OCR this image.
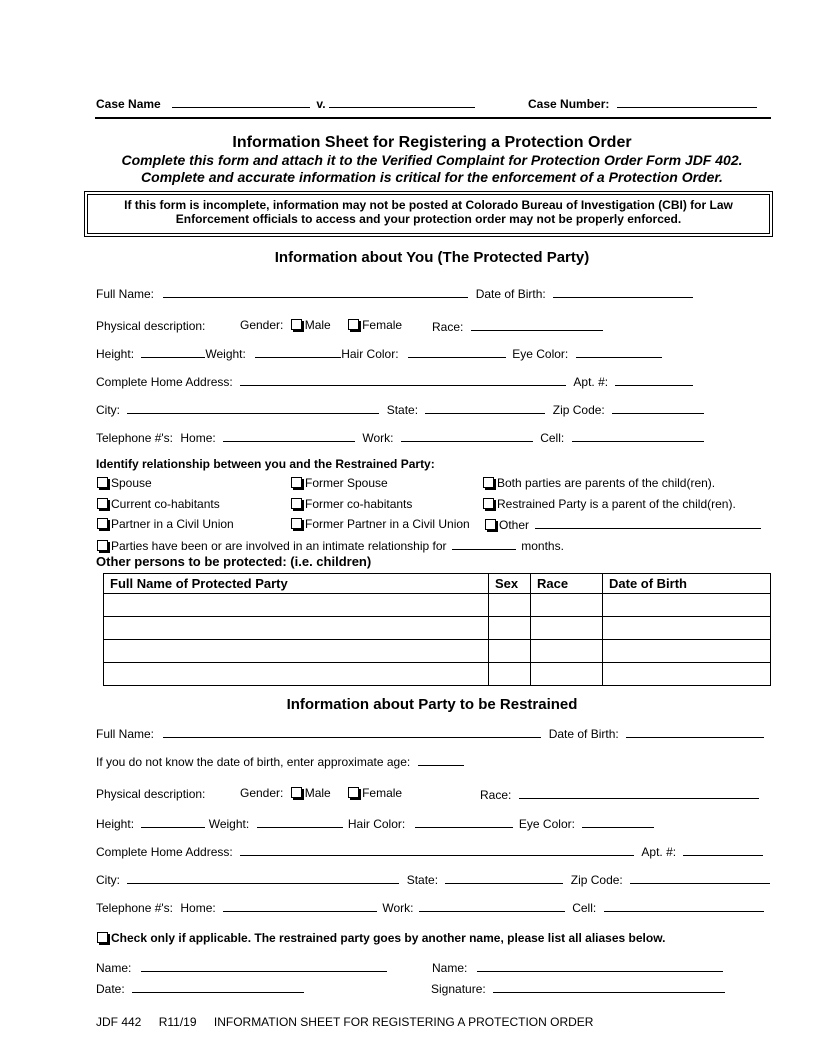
Case Name	v.	Case Number:
Information Sheet for Registering a Protection Order
Complete this form and attach it to the Verified Complaint for Protection Order Form JDF 402.
Complete and accurate information is critical for the enforcement of a Protection Order.
If this form is incomplete, information may not be posted at Colorado Bureau of Investigation (CBI) for Law
Enforcement officials to access and your protection order may not be properly enforced.
Information about You (The Protected Party)
Full Name:	Date of Birth:
Physical description:	Gender: Male	Female Race:
Height:	Weight:	Hair Color:	Eye Color:
Complete Home Address:	Apt. #:
City:	State:	Zip Code:
Telephone #'s: Home:	Work:	Cell:
Identify relationship between you and the Restrained Party:
Spouse	Former Spouse	Both parties are parents of the child(ren).
Current co-habitants	Former co-habitants	Restrained Party is a parent of the child(ren).
Partner in a Civil Union	Former Partner in a Civil Union	Other
Parties have been or are involved in an intimate relationship for	months.
Other persons to be protected: (i.e. children)
Full Name of Protected Party	Sex	Race	Date of Birth

Information about Party to be Restrained
Full Name:	Date of Birth:
If you do not know the date of birth, enter approximate age:
Physical description:	Gender: Male	Female	Race:
Height:	Weight:	Hair Color:	Eye Color:
Complete Home Address:	Apt. #:
City:	State:	Zip Code:
Telephone #'s: Home:	Work:	Cell:
Check only if applicable. The restrained party goes by another name, please list all aliases below.
Name:	Name:
Date:	Signature:
JDF 442 R11/19 INFORMATION SHEET FOR REGISTERING A PROTECTION ORDER
